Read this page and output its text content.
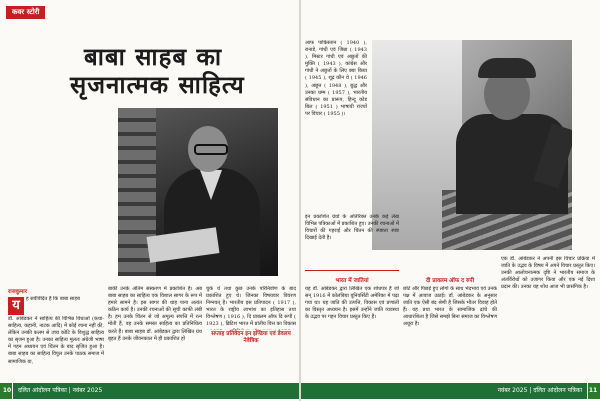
कवर स्टोरी
बाबा साहब का
सृजनात्मक साहित्य
राजकुमार
य	ह सर्वविदित है कि बाबा साहब
डॉ. आंबेडकर ने साहित्य की विभिन्न विधाओं (कथा-साहित्य, कहानी, नाटक आदि) में कोई रचना नहीं की, लेकिन उनकी कलम से उच्च कोटि के विशुद्ध साहित्य का सृजन हुआ है। उनका साहित्य मूलतः अंग्रेजी भाषा में गहन अध्ययन एवं चिंतन के बाद सृजित हुआ है। बाबा साहब का साहित्य विपुल उनके पाठक समाज में सामाजिक या,
बाकी उनके अंतिम संस्करण में प्रकाशित है। अब बाबा साहब का साहित्य एक विशाल सागर के रूप में हमारे सामने है। इस सागर की थाह पाना अत्यंत कठिन कार्य है। उनकी रचनाओं की सूची काफी लंबी है। हम उनके चिंतन से जो अमूल्य संपत्ति में रत्न मोती हैं, वह उनके समस्त साहित्य का प्रतिनिधित्व करते हैं। बाबा साहब डॉ. आंबेडकर द्वारा लिखित ग्रंथ बृहत हैं उनके जीवनकाल में ही प्रकाशित हो
चुके थे तथा कुछ उनके परिनिर्वाण के बाद प्रकाशित हुए थे। जिनका विषयवार विवरण निम्नवत् है। भारतीय इस प्रतिपादन ( 1917 ), भारत के राष्ट्रीय लाभांश का इतिहास तथा विश्लेषण ( 1916 ), दि प्राबलम ऑफ दि रूपी ( 1923 ), ब्रिटिश भारत में प्रांतीय वित्त का विकास
सप्ताह प्रतिवेदन इन इण्डिया एवं डेवलप नेवेत्रिक
आफ पाकिस्तान ( 1940 ), रानाडे, गांधी एवं जिन्ना ( 1943 ), मिस्टर गांधी एवं अछूतों की मुक्ति ( 1943 ), कांग्रेस और गांधी ने अछूतों के लिए क्या किया ( 1945 ), शूद्र कौन थे ( 1946 ), अछूत ( 1948 ), बुद्ध और उनका धम्म ( 1957 ), भारतीय संविधान का प्रारूप, हिन्दू कोड बिल ( 1951 ) भाषायी राज्यों पर विचार ( 1955 )।
इन प्रकाशित ग्रंथों के अतिरिक्त उनके कई लेख विभिन्न पत्रिकाओं में प्रकाशित हुए। उनकी रचनाओं में विचारों की गहराई और चिंतन की स्पष्टता स्पष्ट दिखाई देती है।
भारत में जातियां
यह डॉ. आंबेडकर द्वारा लिखित एक शोधपत्र है जो सन् 1916 में कोलंबिया यूनिवर्सिटी अमेरिका में पढ़ा गया था। यह जाति की उत्पत्ति, विकास एवं प्रणाली का विस्तृत अध्ययन है। इसमें उन्होंने जाति व्यवस्था के उद्भव पर गहन विचार प्रस्तुत किए हैं।
दी प्रावलम ऑफ द रुपी
छोटे और पिछड़े हुए लोगों के साथ भेदभाव एवं उनके पक्ष में आवाज उठाई। डॉ. आंबेडकर के अनुसार जाति एक ऐसी बंद श्रेणी है जिसके भीतर विवाह होते हैं। यह प्रथा भारत के सामाजिक ढांचे की आधारशिला है जिसे समझे बिना समाज का विश्लेषण अधूरा है।
एक डॉ. आंबेडकर ने अपनी इस विचार प्रक्रिया में जाति के उद्भव के विषय में अपने विचार प्रस्तुत किए। उनकी आलोचनात्मक दृष्टि ने भारतीय समाज के अंतर्विरोधों को उजागर किया और एक नई दिशा प्रदान की। उनका यह शोध आज भी प्रासंगिक है।
10 दलित आंदोलन पत्रिका | नवंबर 2025	नवंबर 2025 | दलित आंदोलन पत्रिका 11
